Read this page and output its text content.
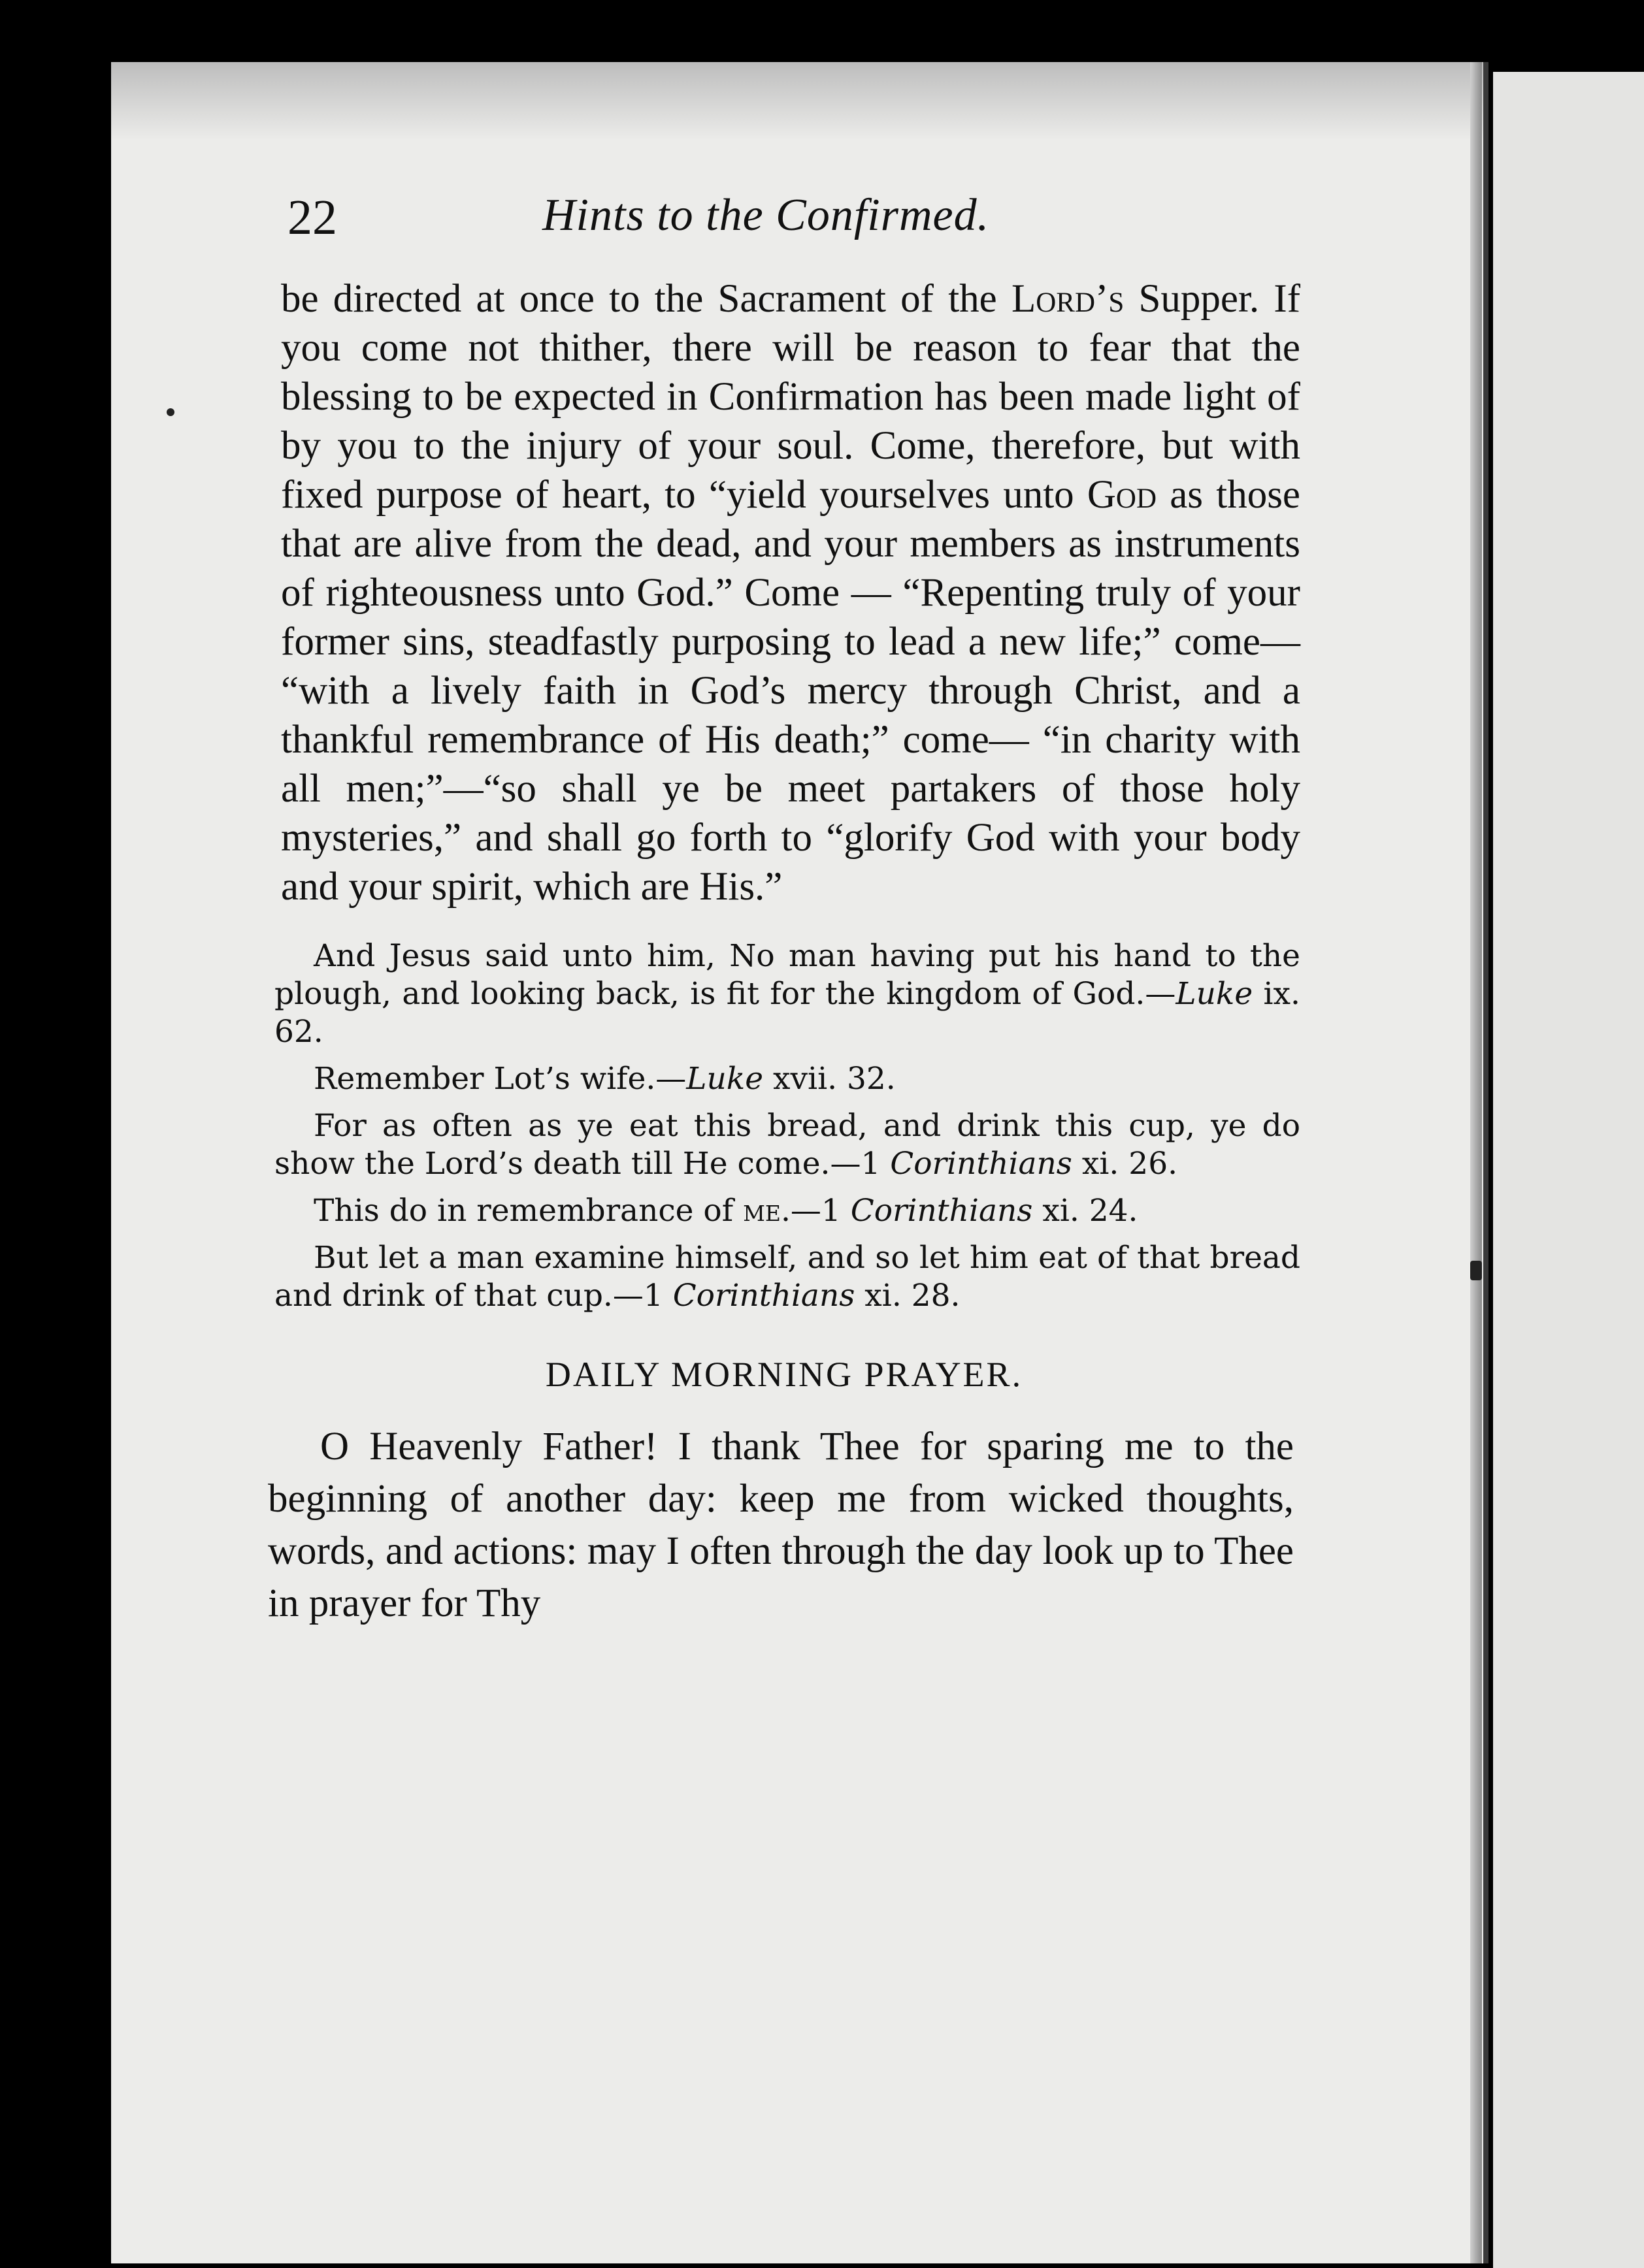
22	Hints to the Confirmed.

be directed at once to the Sacrament of the Lord’s Supper. If you come not thither, there will be reason to fear that the blessing to be expected in Confirmation has been made light of by you to the injury of your soul. Come, therefore, but with fixed purpose of heart, to “yield yourselves unto God as those that are alive from the dead, and your members as instruments of righteousness unto God.” Come — “Repenting truly of your former sins, steadfastly purposing to lead a new life;” come— “with a lively faith in God’s mercy through Christ, and a thankful remembrance of His death;” come— “in charity with all men;”—“so shall ye be meet partakers of those holy mysteries,” and shall go forth to “glorify God with your body and your spirit, which are His.”

And Jesus said unto him, No man having put his hand to the plough, and looking back, is fit for the kingdom of God.—Luke ix. 62.

Remember Lot’s wife.—Luke xvii. 32.

For as often as ye eat this bread, and drink this cup, ye do show the Lord’s death till He come.—1 Corinthians xi. 26.

This do in remembrance of me.—1 Corinthians xi. 24.

But let a man examine himself, and so let him eat of that bread and drink of that cup.—1 Corinthians xi. 28.

DAILY MORNING PRAYER.

O Heavenly Father! I thank Thee for sparing me to the beginning of another day: keep me from wicked thoughts, words, and actions: may I often through the day look up to Thee in prayer for Thy
